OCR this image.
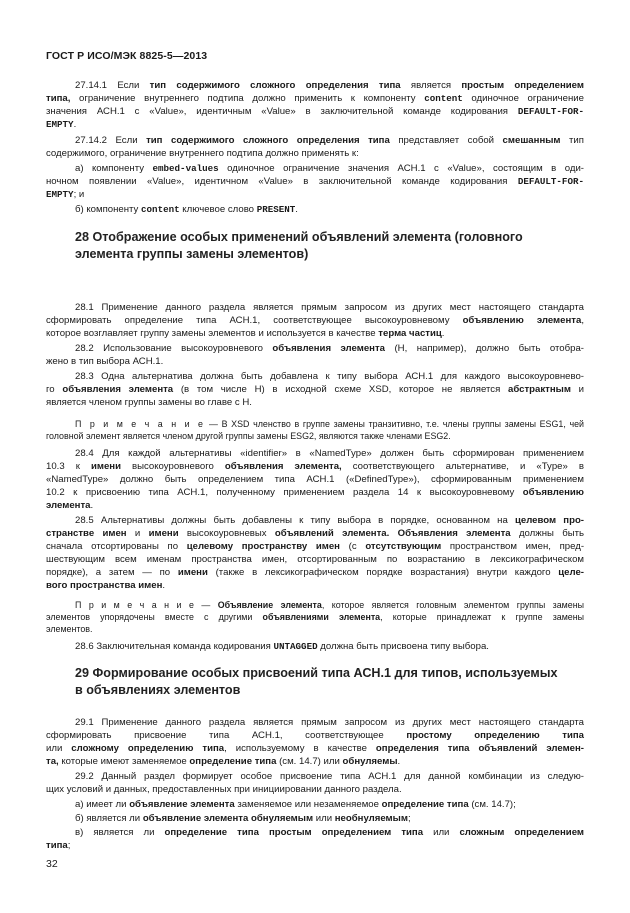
ГОСТ Р ИСО/МЭК 8825-5—2013
27.14.1 Если тип содержимого сложного определения типа является простым определением
типа, ограничение внутреннего подтипа должно применить к компоненту content одиночное ограничение
значения АСН.1 с «Value», идентичным «Value» в заключительной команде кодирования DEFAULT-FOR-
EMPTY.
27.14.2 Если тип содержимого сложного определения типа представляет собой смешанным тип
содержимого, ограничение внутреннего подтипа должно применять к:
а) компоненту embed-values одиночное ограничение значения АСН.1 с «Value», состоящим в оди-
ночном появлении «Value», идентичном «Value» в заключительной команде кодирования DEFAULT-FOR-
EMPTY; и
б) компоненту content ключевое слово PRESENT.
28 Отображение особых применений объявлений элемента (головного
элемента группы замены элементов)
28.1 Применение данного раздела является прямым запросом из других мест настоящего стандарта
сформировать определение типа АСН.1, соответствующее высокоуровневому объявлению элемента,
которое возглавляет группу замены элементов и используется в качестве терма частиц.
28.2 Использование высокоуровневого объявления элемента (Н, например), должно быть отобра-
жено в тип выбора АСН.1.
28.3 Одна альтернатива должна быть добавлена к типу выбора АСН.1 для каждого высокоуровнево-
го объявления элемента (в том числе Н) в исходной схеме XSD, которое не является абстрактным и
является членом группы замены во главе с Н.
П р и м е ч а н и е — В XSD членство в группе замены транзитивно, т.е. члены группы замены ESG1, чей
головной элемент является членом другой группы замены ESG2, являются также членами ESG2.
28.4 Для каждой альтернативы «identifier» в «NamedType» должен быть сформирован применением
10.3 к имени высокоуровневого объявления элемента, соответствующего альтернативе, и «Type» в
«NamedType» должно быть определением типа АСН.1 («DefinedType»), сформированным применением
10.2 к присвоению типа АСН.1, полученному применением раздела 14 к высокоуровневому объявлению
элемента.
28.5 Альтернативы должны быть добавлены к типу выбора в порядке, основанном на целевом про-
странстве имен и имени высокоуровневых объявлений элемента. Объявления элемента должны быть
сначала отсортированы по целевому пространству имен (с отсутствующим пространством имен, пред-
шествующим всем именам пространства имен, отсортированным по возрастанию в лексикографическом
порядке), а затем — по имени (также в лексикографическом порядке возрастания) внутри каждого целе-
вого пространства имен.
П р и м е ч а н и е — Объявление элемента, которое является головным элементом группы замены
элементов упорядочены вместе с другими объявлениями элемента, которые принадлежат к группе замены
элементов.
28.6 Заключительная команда кодирования UNTAGGED должна быть присвоена типу выбора.
29 Формирование особых присвоений типа АСН.1 для типов, используемых
в объявлениях элементов
29.1 Применение данного раздела является прямым запросом из других мест настоящего стандарта
сформировать присвоение типа АСН.1, соответствующее простому определению типа
или сложному определению типа, используемому в качестве определения типа объявлений элемен-
та, которые имеют заменяемое определение типа (см. 14.7) или обнуляемы.
29.2 Данный раздел формирует особое присвоение типа АСН.1 для данной комбинации из следую-
щих условий и данных, предоставленных при инициировании данного раздела.
а) имеет ли объявление элемента заменяемое или незаменяемое определение типа (см. 14.7);
б) является ли объявление элемента обнуляемым или необнуляемым;
в) является ли определение типа простым определением типа или сложным определением
типа;
32
